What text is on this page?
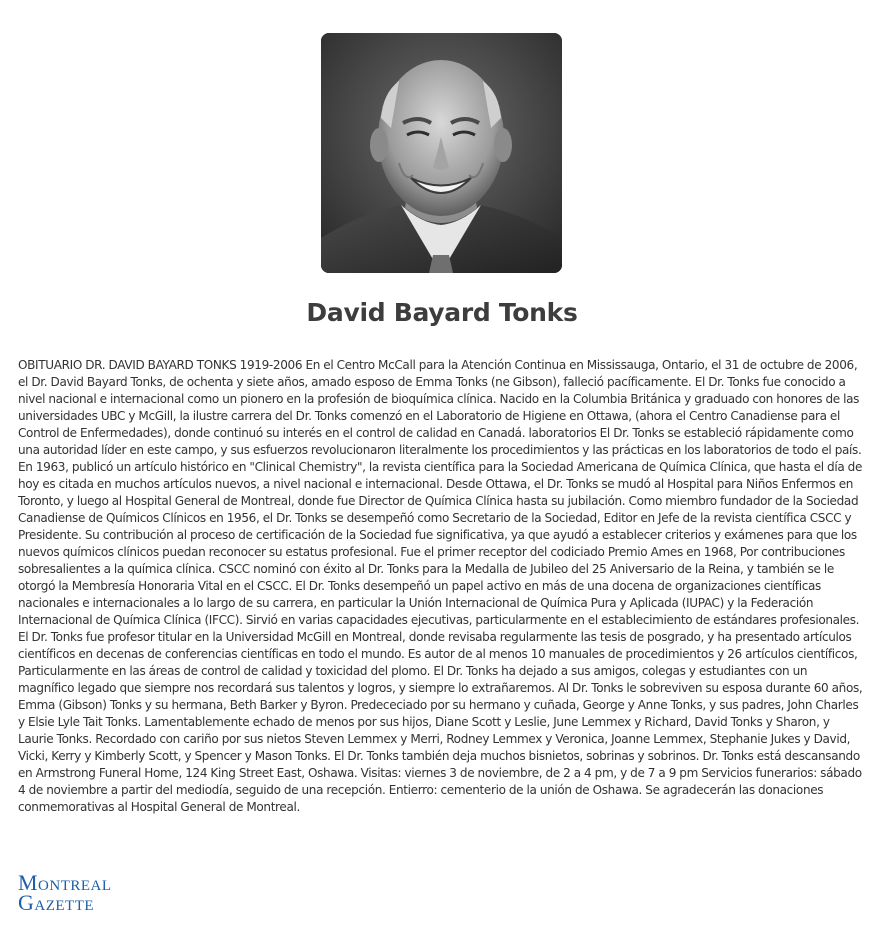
David Bayard Tonks

OBITUARIO DR. DAVID BAYARD TONKS 1919-2006 En el Centro McCall para la Atención Continua en Mississauga, Ontario, el 31 de octubre de 2006, el Dr. David Bayard Tonks, de ochenta y siete años, amado esposo de Emma Tonks (ne Gibson), falleció pacíficamente. El Dr. Tonks fue conocido a nivel nacional e internacional como un pionero en la profesión de bioquímica clínica. Nacido en la Columbia Británica y graduado con honores de las universidades UBC y McGill, la ilustre carrera del Dr. Tonks comenzó en el Laboratorio de Higiene en Ottawa, (ahora el Centro Canadiense para el Control de Enfermedades), donde continuó su interés en el control de calidad en Canadá. laboratorios El Dr. Tonks se estableció rápidamente como una autoridad líder en este campo, y sus esfuerzos revolucionaron literalmente los procedimientos y las prácticas en los laboratorios de todo el país. En 1963, publicó un artículo histórico en "Clinical Chemistry", la revista científica para la Sociedad Americana de Química Clínica, que hasta el día de hoy es citada en muchos artículos nuevos, a nivel nacional e internacional. Desde Ottawa, el Dr. Tonks se mudó al Hospital para Niños Enfermos en Toronto, y luego al Hospital General de Montreal, donde fue Director de Química Clínica hasta su jubilación. Como miembro fundador de la Sociedad Canadiense de Químicos Clínicos en 1956, el Dr. Tonks se desempeñó como Secretario de la Sociedad, Editor en Jefe de la revista científica CSCC y Presidente. Su contribución al proceso de certificación de la Sociedad fue significativa, ya que ayudó a establecer criterios y exámenes para que los nuevos químicos clínicos puedan reconocer su estatus profesional. Fue el primer receptor del codiciado Premio Ames en 1968, Por contribuciones sobresalientes a la química clínica. CSCC nominó con éxito al Dr. Tonks para la Medalla de Jubileo del 25 Aniversario de la Reina, y también se le otorgó la Membresía Honoraria Vital en el CSCC. El Dr. Tonks desempeñó un papel activo en más de una docena de organizaciones científicas nacionales e internacionales a lo largo de su carrera, en particular la Unión Internacional de Química Pura y Aplicada (IUPAC) y la Federación Internacional de Química Clínica (IFCC). Sirvió en varias capacidades ejecutivas, particularmente en el establecimiento de estándares profesionales. El Dr. Tonks fue profesor titular en la Universidad McGill en Montreal, donde revisaba regularmente las tesis de posgrado, y ha presentado artículos científicos en decenas de conferencias científicas en todo el mundo. Es autor de al menos 10 manuales de procedimientos y 26 artículos científicos, Particularmente en las áreas de control de calidad y toxicidad del plomo. El Dr. Tonks ha dejado a sus amigos, colegas y estudiantes con un magnífico legado que siempre nos recordará sus talentos y logros, y siempre lo extrañaremos. Al Dr. Tonks le sobreviven su esposa durante 60 años, Emma (Gibson) Tonks y su hermana, Beth Barker y Byron. Predececiado por su hermano y cuñada, George y Anne Tonks, y sus padres, John Charles y Elsie Lyle Tait Tonks. Lamentablemente echado de menos por sus hijos, Diane Scott y Leslie, June Lemmex y Richard, David Tonks y Sharon, y Laurie Tonks. Recordado con cariño por sus nietos Steven Lemmex y Merri, Rodney Lemmex y Veronica, Joanne Lemmex, Stephanie Jukes y David, Vicki, Kerry y Kimberly Scott, y Spencer y Mason Tonks. El Dr. Tonks también deja muchos bisnietos, sobrinas y sobrinos. Dr. Tonks está descansando en Armstrong Funeral Home, 124 King Street East, Oshawa. Visitas: viernes 3 de noviembre, de 2 a 4 pm, y de 7 a 9 pm Servicios funerarios: sábado 4 de noviembre a partir del mediodía, seguido de una recepción. Entierro: cementerio de la unión de Oshawa. Se agradecerán las donaciones conmemorativas al Hospital General de Montreal.

Montreal
Gazette
